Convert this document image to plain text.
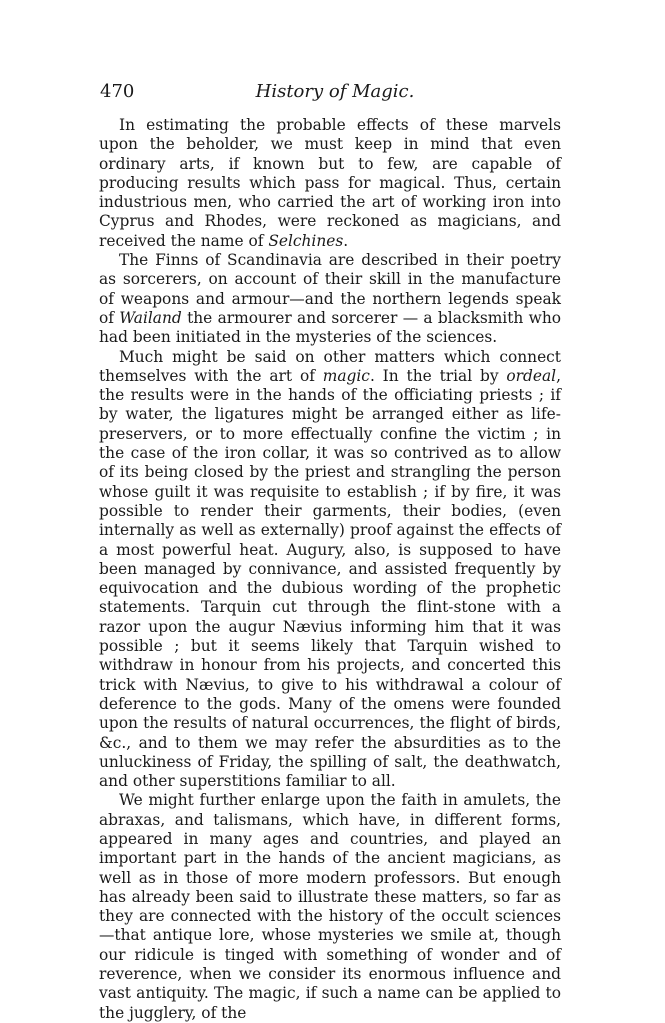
470	History of Magic.

In estimating the probable effects of these marvels upon the beholder, we must keep in mind that even ordinary arts, if known but to few, are capable of producing results which pass for magical. Thus, certain industrious men, who carried the art of working iron into Cyprus and Rhodes, were reckoned as magicians, and received the name of Selchines.

The Finns of Scandinavia are described in their poetry as sorcerers, on account of their skill in the manufacture of weapons and armour—and the northern legends speak of Wailand the armourer and sorcerer — a blacksmith who had been initiated in the mysteries of the sciences.

Much might be said on other matters which connect themselves with the art of magic. In the trial by ordeal, the results were in the hands of the officiating priests ; if by water, the ligatures might be arranged either as life-preservers, or to more effectually confine the victim ; in the case of the iron collar, it was so contrived as to allow of its being closed by the priest and strangling the person whose guilt it was requisite to establish ; if by fire, it was possible to render their garments, their bodies, (even internally as well as externally) proof against the effects of a most powerful heat. Augury, also, is supposed to have been managed by connivance, and assisted frequently by equivocation and the dubious wording of the prophetic statements. Tarquin cut through the flint-stone with a razor upon the augur Nævius informing him that it was possible ; but it seems likely that Tarquin wished to withdraw in honour from his projects, and concerted this trick with Nævius, to give to his withdrawal a colour of deference to the gods. Many of the omens were founded upon the results of natural occurrences, the flight of birds, &c., and to them we may refer the absurdities as to the unluckiness of Friday, the spilling of salt, the deathwatch, and other superstitions familiar to all.

We might further enlarge upon the faith in amulets, the abraxas, and talismans, which have, in different forms, appeared in many ages and countries, and played an important part in the hands of the ancient magicians, as well as in those of more modern professors. But enough has already been said to illustrate these matters, so far as they are connected with the history of the occult sciences—that antique lore, whose mysteries we smile at, though our ridicule is tinged with something of wonder and of reverence, when we consider its enormous influence and vast antiquity. The magic, if such a name can be applied to the jugglery, of the
